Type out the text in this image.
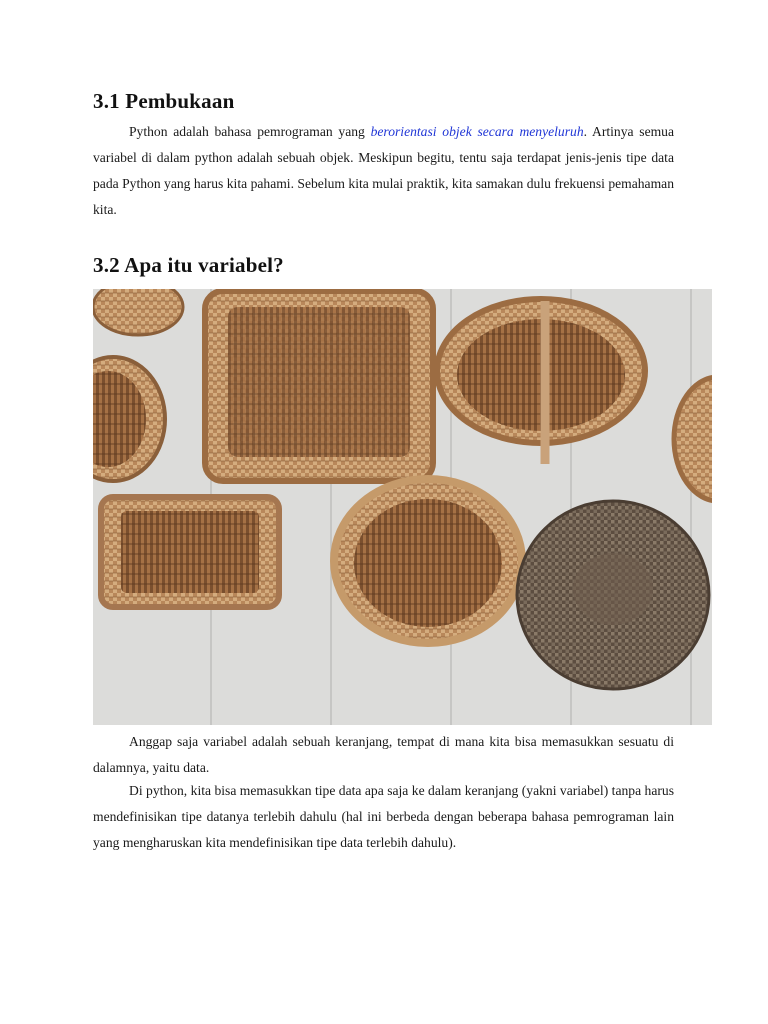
3.1 Pembukaan

Python adalah bahasa pemrograman yang berorientasi objek secara menyeluruh. Artinya semua variabel di dalam python adalah sebuah objek. Meskipun begitu, tentu saja terdapat jenis-jenis tipe data pada Python yang harus kita pahami. Sebelum kita mulai praktik, kita samakan dulu frekuensi pemahaman kita.

3.2 Apa itu variabel?

Anggap saja variabel adalah sebuah keranjang, tempat di mana kita bisa memasukkan sesuatu di dalamnya, yaitu data.

Di python, kita bisa memasukkan tipe data apa saja ke dalam keranjang (yakni variabel) tanpa harus mendefinisikan tipe datanya terlebih dahulu (hal ini berbeda dengan beberapa bahasa pemrograman lain yang mengharuskan kita mendefinisikan tipe data terlebih dahulu).
